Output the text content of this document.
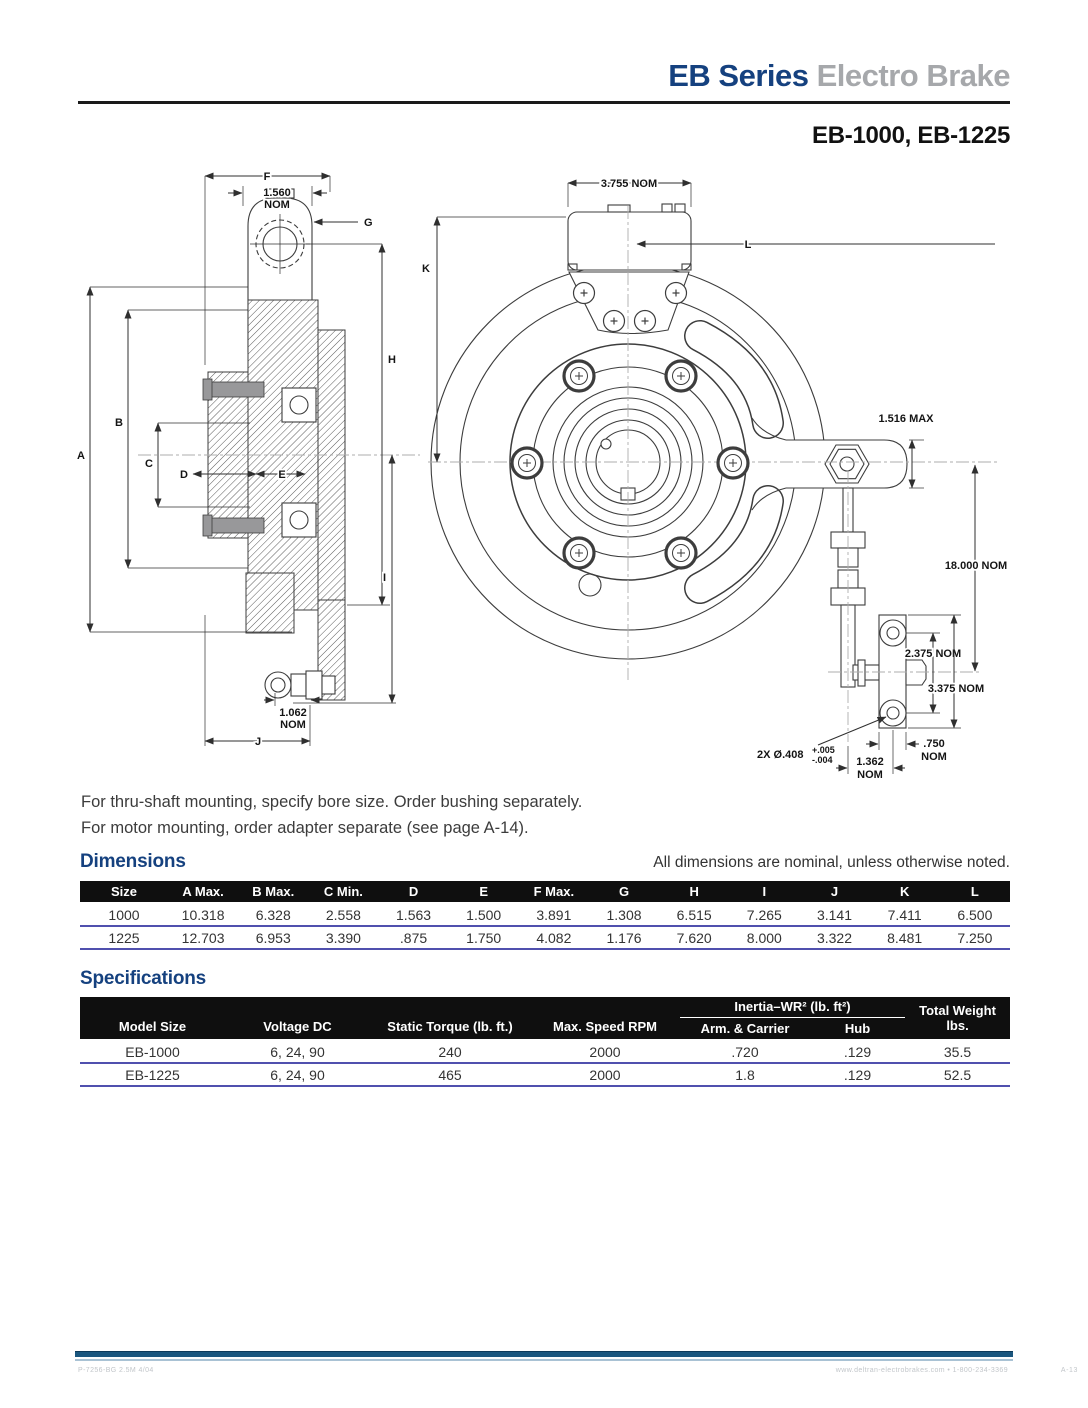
EB Series Electro Brake
EB-1000, EB-1225
F
1.560
NOM
G
H
A
B
C
D	E
I
J
1.062
NOM
3.755 NOM
K
L
1.516 MAX
18.000 NOM
2.375 NOM
3.375 NOM
.750
NOM
1.362
NOM
2X Ø.408 +.005
-.004
For thru-shaft mounting, specify bore size. Order bushing separately.
For motor mounting, order adapter separate (see page A-14).
Dimensions	All dimensions are nominal, unless otherwise noted.
Size	A Max.	B Max.	C Min.	D	E	F Max.	G	H	I	J	K	L
1000	10.318	6.328	2.558	1.563	1.500	3.891	1.308	6.515	7.265	3.141	7.411	6.500
1225	12.703	6.953	3.390	.875	1.750	4.082	1.176	7.620	8.000	3.322	8.481	7.250
Specifications
Model Size	Voltage DC	Static Torque (lb. ft.)	Max. Speed RPM	Inertia–WR² (lb. ft²)		Total Weight
lbs.
				Arm. & Carrier	Hub	
EB-1000	6, 24, 90	240	2000	.720	.129	35.5
EB-1225	6, 24, 90	465	2000	1.8	.129	52.5
P-7256-BG 2.5M 4/04	www.deltran-electrobrakes.com • 1-800-234-3369	A-13
